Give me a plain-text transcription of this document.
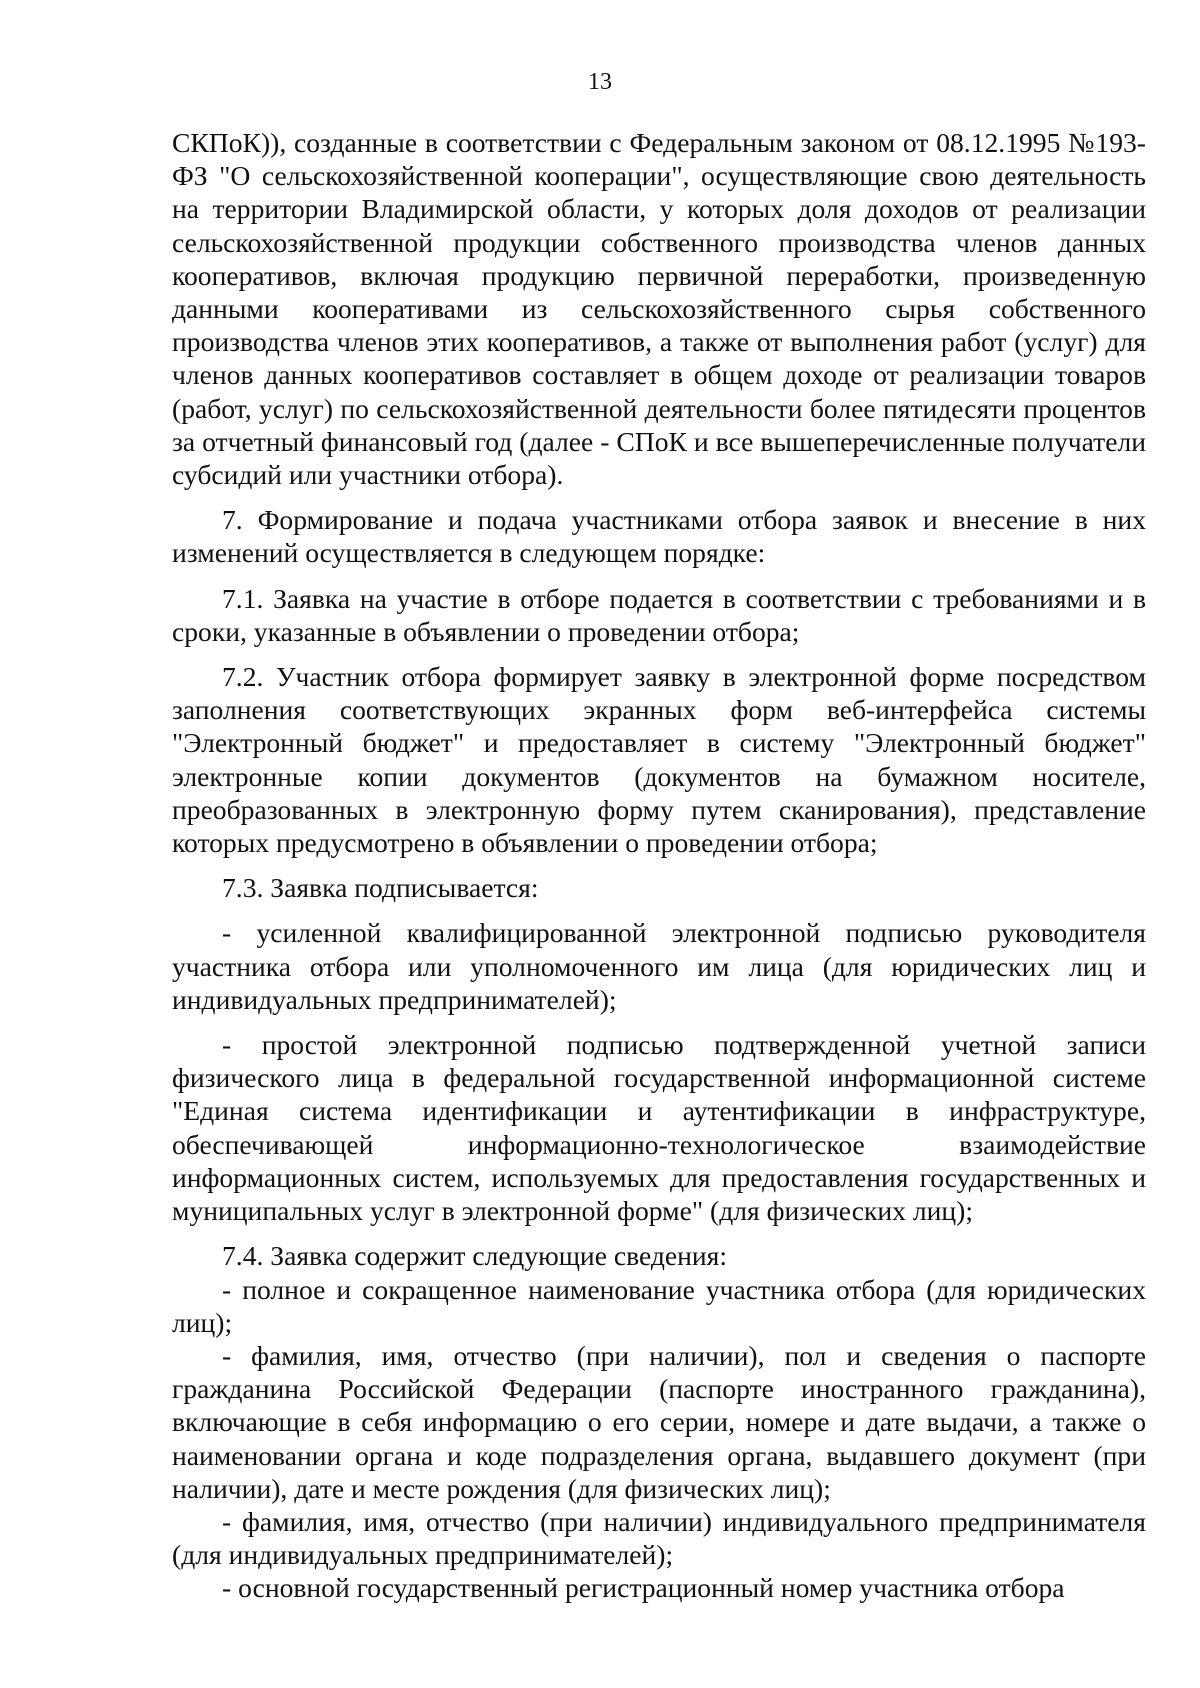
13

СКПоК)), созданные в соответствии с Федеральным законом от 08.12.1995 №193-ФЗ "О сельскохозяйственной кооперации", осуществляющие свою деятельность на территории Владимирской области, у которых доля доходов от реализации сельскохозяйственной продукции собственного производства членов данных кооперативов, включая продукцию первичной переработки, произведенную данными кооперативами из сельскохозяйственного сырья собственного производства членов этих кооперативов, а также от выполнения работ (услуг) для членов данных кооперативов составляет в общем доходе от реализации товаров (работ, услуг) по сельскохозяйственной деятельности более пятидесяти процентов за отчетный финансовый год (далее - СПоК и все вышеперечисленные получатели субсидий или участники отбора).

7. Формирование и подача участниками отбора заявок и внесение в них изменений осуществляется в следующем порядке:

7.1. Заявка на участие в отборе подается в соответствии с требованиями и в сроки, указанные в объявлении о проведении отбора;

7.2. Участник отбора формирует заявку в электронной форме посредством заполнения соответствующих экранных форм веб-интерфейса системы "Электронный бюджет" и предоставляет в систему "Электронный бюджет" электронные копии документов (документов на бумажном носителе, преобразованных в электронную форму путем сканирования), представление которых предусмотрено в объявлении о проведении отбора;

7.3. Заявка подписывается:

- усиленной квалифицированной электронной подписью руководителя участника отбора или уполномоченного им лица (для юридических лиц и индивидуальных предпринимателей);

- простой электронной подписью подтвержденной учетной записи физического лица в федеральной государственной информационной системе "Единая система идентификации и аутентификации в инфраструктуре, обеспечивающей информационно-технологическое взаимодействие информационных систем, используемых для предоставления государственных и муниципальных услуг в электронной форме" (для физических лиц);

7.4. Заявка содержит следующие сведения:

- полное и сокращенное наименование участника отбора (для юридических лиц);

- фамилия, имя, отчество (при наличии), пол и сведения о паспорте гражданина Российской Федерации (паспорте иностранного гражданина), включающие в себя информацию о его серии, номере и дате выдачи, а также о наименовании органа и коде подразделения органа, выдавшего документ (при наличии), дате и месте рождения (для физических лиц);

- фамилия, имя, отчество (при наличии) индивидуального предпринимателя (для индивидуальных предпринимателей);

- основной государственный регистрационный номер участника отбора
